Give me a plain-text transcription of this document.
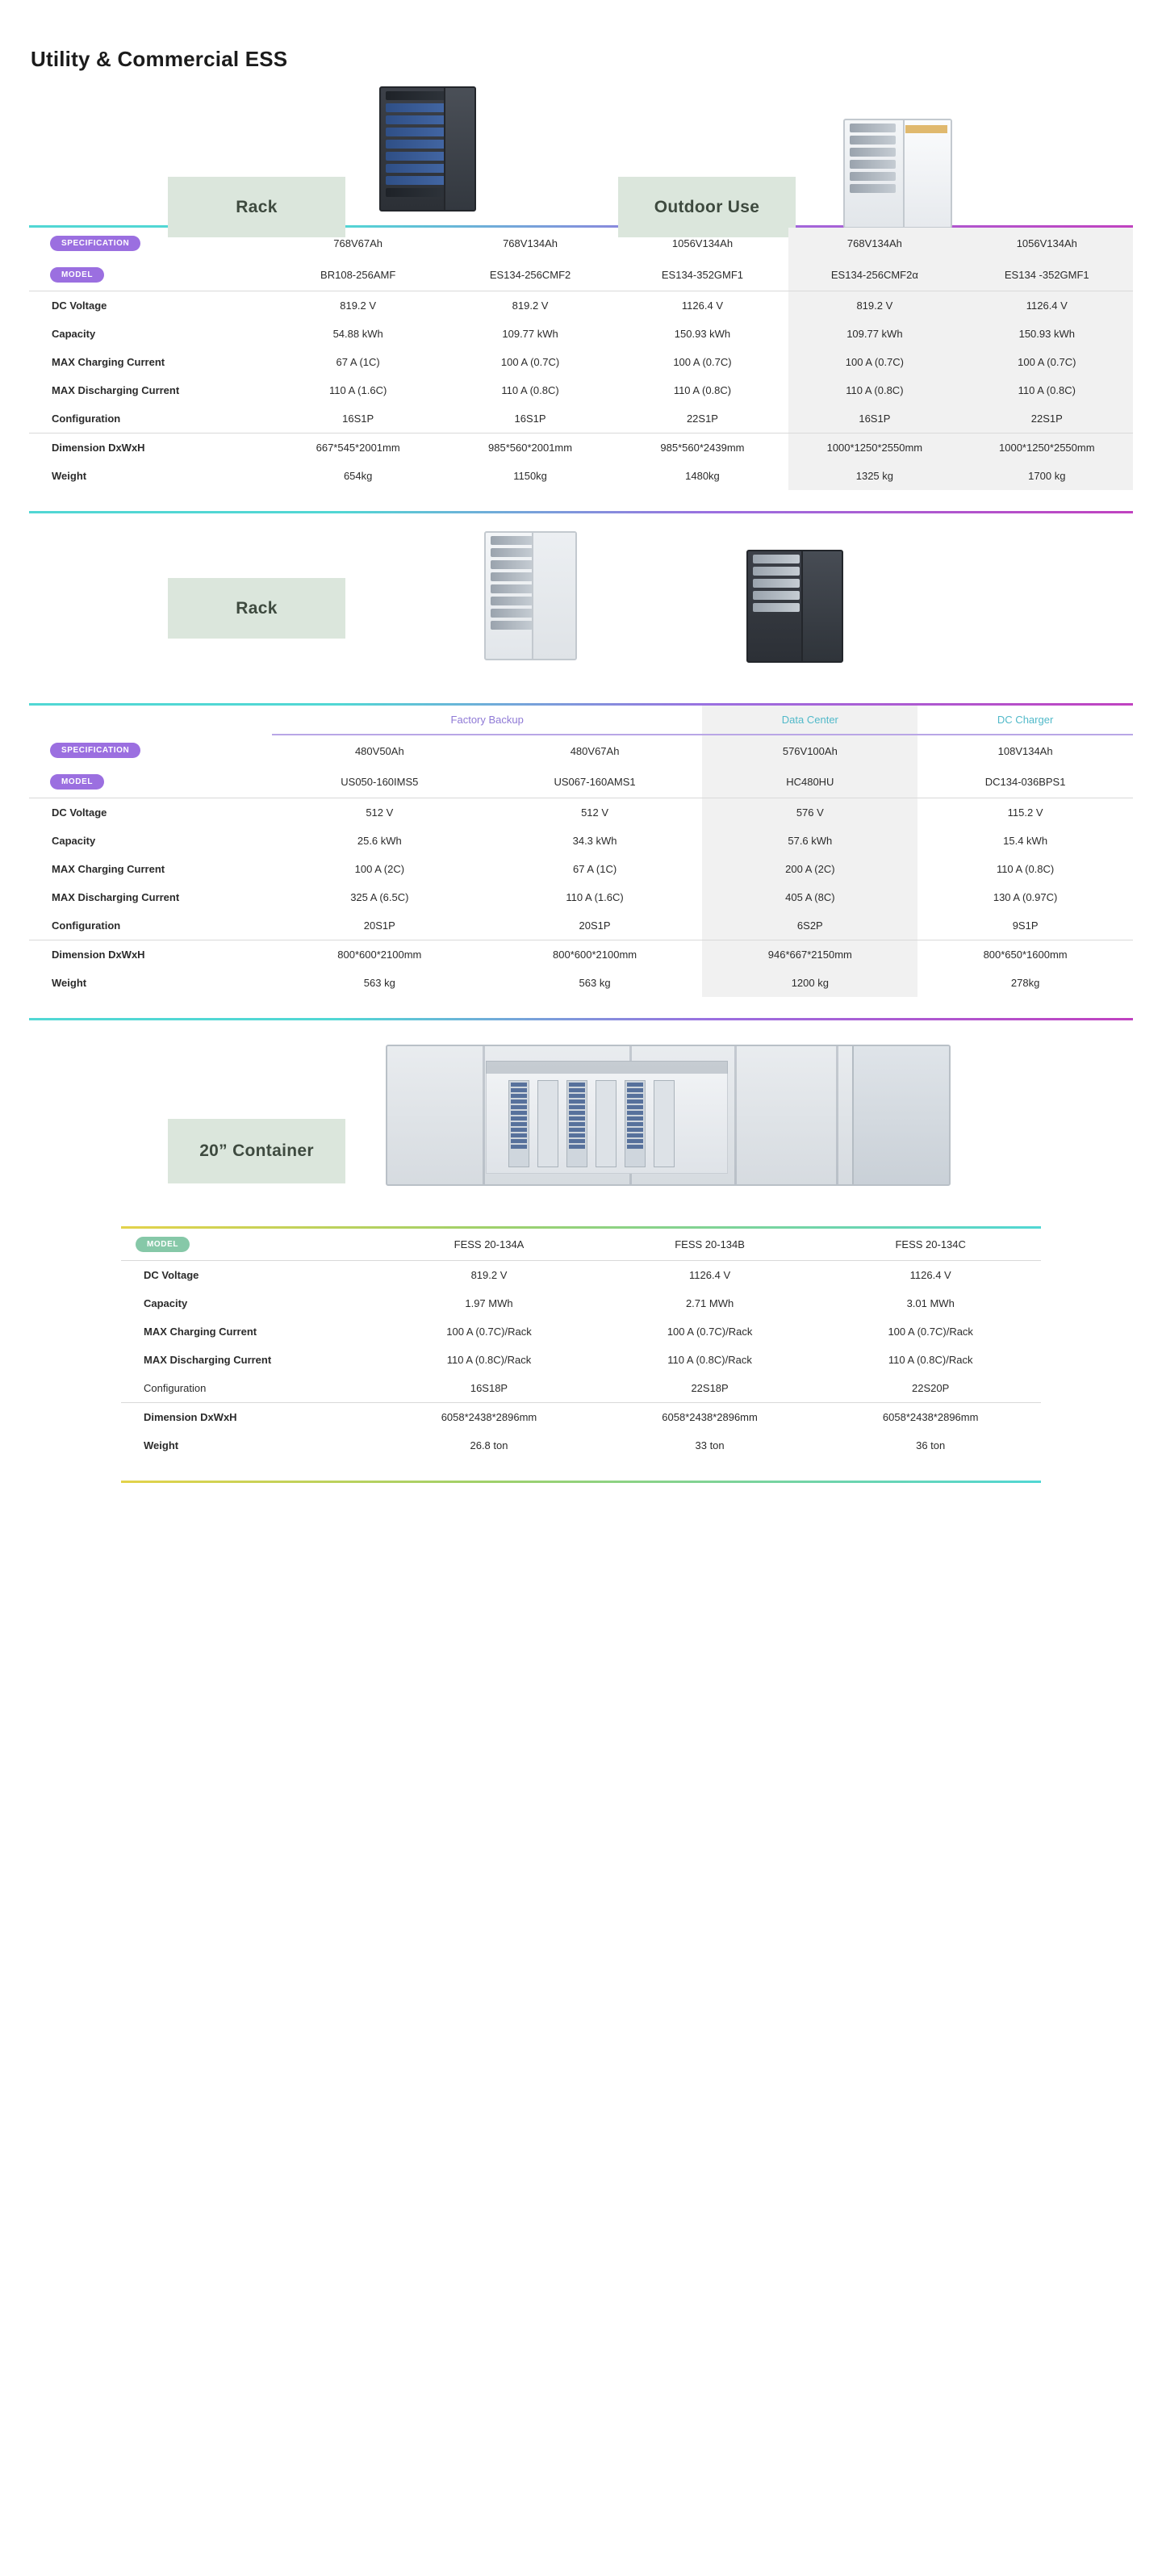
Utility & Commercial ESS
Rack	Outdoor Use
SPECIFICATION	768V67Ah	768V134Ah	1056V134Ah	768V134Ah	1056V134Ah
MODEL	BR108-256AMF	ES134-256CMF2	ES134-352GMF1	ES134-256CMF2α	ES134 -352GMF1
DC Voltage	819.2 V	819.2 V	1126.4 V	819.2 V	1126.4 V
Capacity	54.88 kWh	109.77 kWh	150.93 kWh	109.77 kWh	150.93 kWh
MAX Charging Current	67 A (1C)	100 A (0.7C)	100 A (0.7C)	100 A (0.7C)	100 A (0.7C)
MAX Discharging Current	110 A (1.6C)	110 A (0.8C)	110 A (0.8C)	110 A (0.8C)	110 A (0.8C)
Configuration	16S1P	16S1P	22S1P	16S1P	22S1P
Dimension DxWxH	667*545*2001mm	985*560*2001mm	985*560*2439mm	1000*1250*2550mm	1000*1250*2550mm
Weight	654kg	1150kg	1480kg	1325 kg	1700 kg
Rack
	Factory Backup		Data Center	DC Charger
SPECIFICATION	480V50Ah	480V67Ah	576V100Ah	108V134Ah
MODEL	US050-160IMS5	US067-160AMS1	HC480HU	DC134-036BPS1
DC Voltage	512 V	512 V	576 V	115.2 V
Capacity	25.6 kWh	34.3 kWh	57.6 kWh	15.4 kWh
MAX Charging Current	100 A (2C)	67 A (1C)	200 A (2C)	110 A (0.8C)
MAX Discharging Current	325 A (6.5C)	110 A (1.6C)	405 A (8C)	130 A (0.97C)
Configuration	20S1P	20S1P	6S2P	9S1P
Dimension DxWxH	800*600*2100mm	800*600*2100mm	946*667*2150mm	800*650*1600mm
Weight	563 kg	563 kg	1200 kg	278kg
20” Container
MODEL	FESS 20-134A	FESS 20-134B	FESS 20-134C
DC Voltage	819.2 V	1126.4 V	1126.4 V
Capacity	1.97 MWh	2.71 MWh	3.01 MWh
MAX Charging Current	100 A (0.7C)/Rack	100 A (0.7C)/Rack	100 A (0.7C)/Rack
MAX Discharging Current	110 A (0.8C)/Rack	110 A (0.8C)/Rack	110 A (0.8C)/Rack
Configuration	16S18P	22S18P	22S20P
Dimension DxWxH	6058*2438*2896mm	6058*2438*2896mm	6058*2438*2896mm
Weight	26.8 ton	33 ton	36 ton
